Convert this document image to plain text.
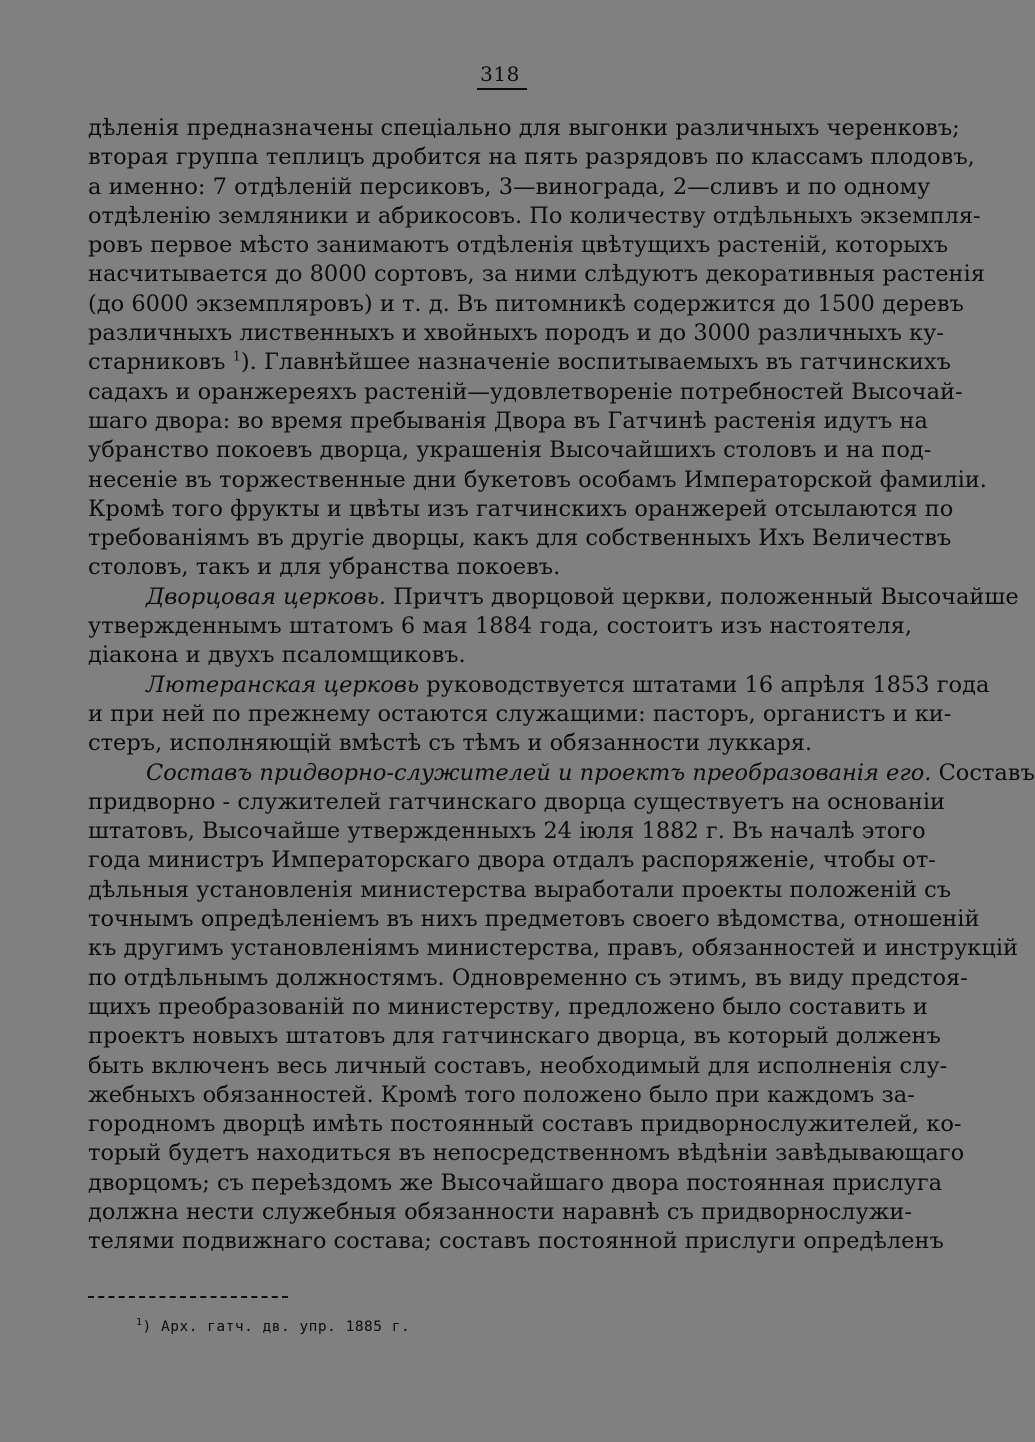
318
дѣленія предназначены спеціально для выгонки различныхъ черенковъ;
вторая группа теплицъ дробится на пять разрядовъ по классамъ плодовъ,
а именно: 7 отдѣленій персиковъ, 3—винограда, 2—сливъ и по одному
отдѣленію земляники и абрикосовъ. По количеству отдѣльныхъ экземпля-
ровъ первое мѣсто занимаютъ отдѣленія цвѣтущихъ растеній, которыхъ
насчитывается до 8000 сортовъ, за ними слѣдуютъ декоративныя растенія
(до 6000 экземпляровъ) и т. д. Въ питомникѣ содержится до 1500 деревъ
различныхъ лиственныхъ и хвойныхъ породъ и до 3000 различныхъ ку-
старниковъ $^1$). Главнѣйшее назначеніе воспитываемыхъ въ гатчинскихъ
садахъ и оранжереяхъ растеній—удовлетвореніе потребностей Высочай-
шаго двора: во время пребыванія Двора въ Гатчинѣ растенія идутъ на
убранство покоевъ дворца, украшенія Высочайшихъ столовъ и на под-
несеніе въ торжественные дни букетовъ особамъ Императорской фамиліи.
Кромѣ того фрукты и цвѣты изъ гатчинскихъ оранжерей отсылаются по
требованіямъ въ другіе дворцы, какъ для собственныхъ Ихъ Величествъ
столовъ, такъ и для убранства покоевъ.
Дворцовая церковь. Причтъ дворцовой церкви, положенный Высочайше
утвержденнымъ штатомъ 6 мая 1884 года, состоитъ изъ настоятеля,
діакона и двухъ псаломщиковъ.
Лютеранская церковь руководствуется штатами 16 апрѣля 1853 года
и при ней по прежнему остаются служащими: пасторъ, органистъ и ки-
стеръ, исполняющій вмѣстѣ съ тѣмъ и обязанности луккаря.
Составъ придворно-служителей и проектъ преобразованія его. Составъ
придворно - служителей гатчинскаго дворца существуетъ на основаніи
штатовъ, Высочайше утвержденныхъ 24 іюля 1882 г. Въ началѣ этого
года министръ Императорскаго двора отдалъ распоряженіе, чтобы от-
дѣльныя установленія министерства выработали проекты положеній съ
точнымъ опредѣленіемъ въ нихъ предметовъ своего вѣдомства, отношеній
къ другимъ установленіямъ министерства, правъ, обязанностей и инструкцій
по отдѣльнымъ должностямъ. Одновременно съ этимъ, въ виду предстоя-
щихъ преобразованій по министерству, предложено было составить и
проектъ новыхъ штатовъ для гатчинскаго дворца, въ который долженъ
быть включенъ весь личный составъ, необходимый для исполненія слу-
жебныхъ обязанностей. Кромѣ того положено было при каждомъ за-
городномъ дворцѣ имѣть постоянный составъ придворнослужителей, ко-
торый будетъ находиться въ непосредственномъ вѣдѣніи завѣдывающаго
дворцомъ; съ переѣздомъ же Высочайшаго двора постоянная прислуга
должна нести служебныя обязанности наравнѣ съ придворнослужи-
телями подвижнаго состава; составъ постоянной прислуги опредѣленъ
$^1$) Арх. гатч. дв. упр. 1885 г.
